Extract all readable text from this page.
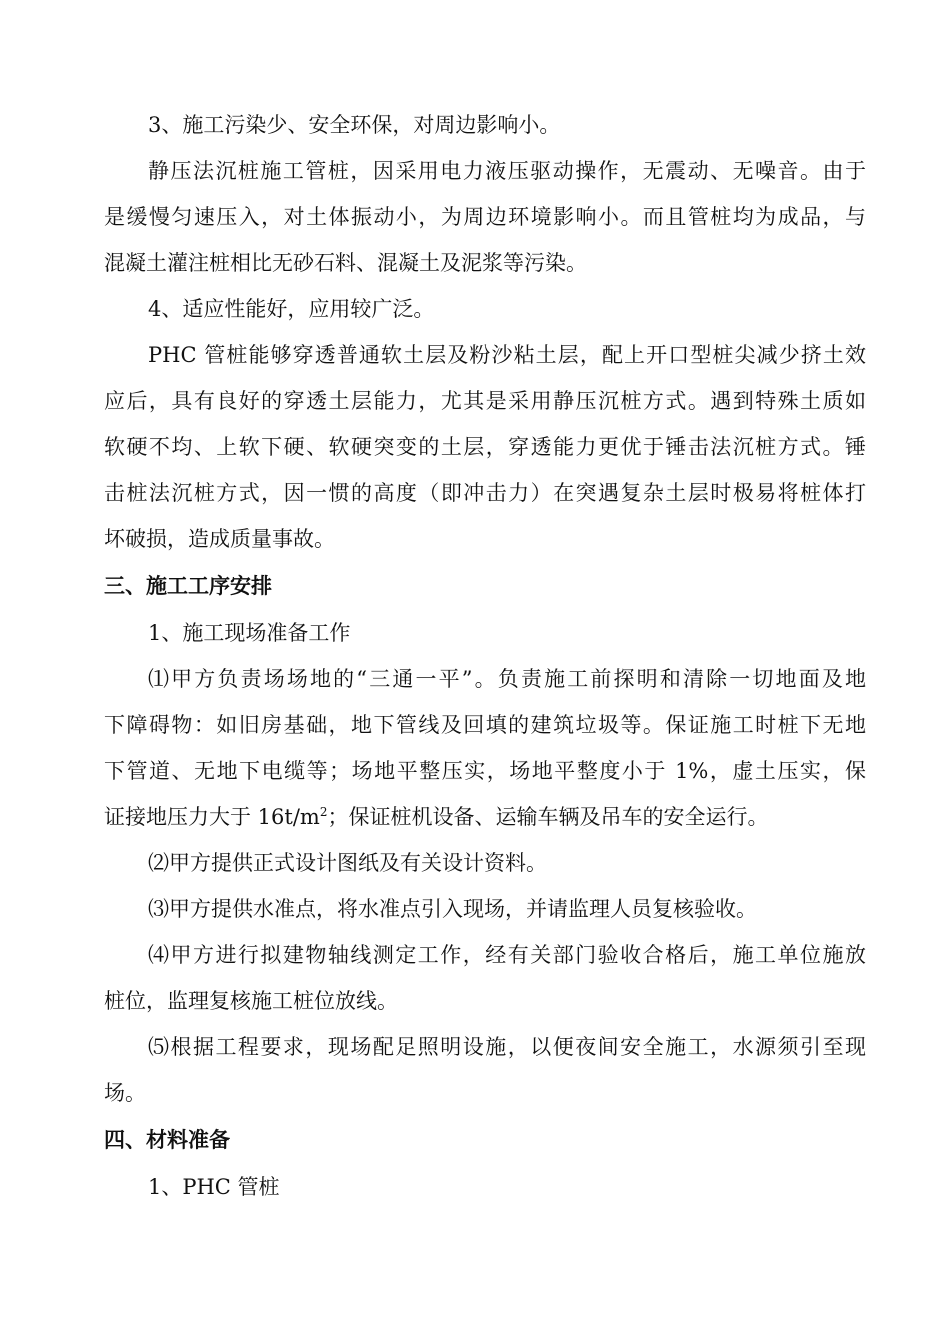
3、施工污染少、安全环保，对周边影响小。
静压法沉桩施工管桩，因采用电力液压驱动操作，无震动、无噪音。由于
是缓慢匀速压入，对土体振动小，为周边环境影响小。而且管桩均为成品，与
混凝土灌注桩相比无砂石料、混凝土及泥浆等污染。
4、适应性能好，应用较广泛。
PHC 管桩能够穿透普通软土层及粉沙粘土层，配上开口型桩尖减少挤土效
应后，具有良好的穿透土层能力，尤其是采用静压沉桩方式。遇到特殊土质如
软硬不均、上软下硬、软硬突变的土层，穿透能力更优于锤击法沉桩方式。锤
击桩法沉桩方式，因一惯的高度（即冲击力）在突遇复杂土层时极易将桩体打
坏破损，造成质量事故。
三、施工工序安排
1、施工现场准备工作
⑴甲方负责场场地的“三通一平”。负责施工前探明和清除一切地面及地
下障碍物：如旧房基础，地下管线及回填的建筑垃圾等。保证施工时桩下无地
下管道、无地下电缆等；场地平整压实，场地平整度小于 1%，虚土压实，保
证接地压力大于 $16t/m^2$；保证桩机设备、运输车辆及吊车的安全运行。
⑵甲方提供正式设计图纸及有关设计资料。
⑶甲方提供水准点，将水准点引入现场，并请监理人员复核验收。
⑷甲方进行拟建物轴线测定工作，经有关部门验收合格后，施工单位施放
桩位，监理复核施工桩位放线。
⑸根据工程要求，现场配足照明设施，以便夜间安全施工，水源须引至现
场。
四、材料准备
1、PHC 管桩
